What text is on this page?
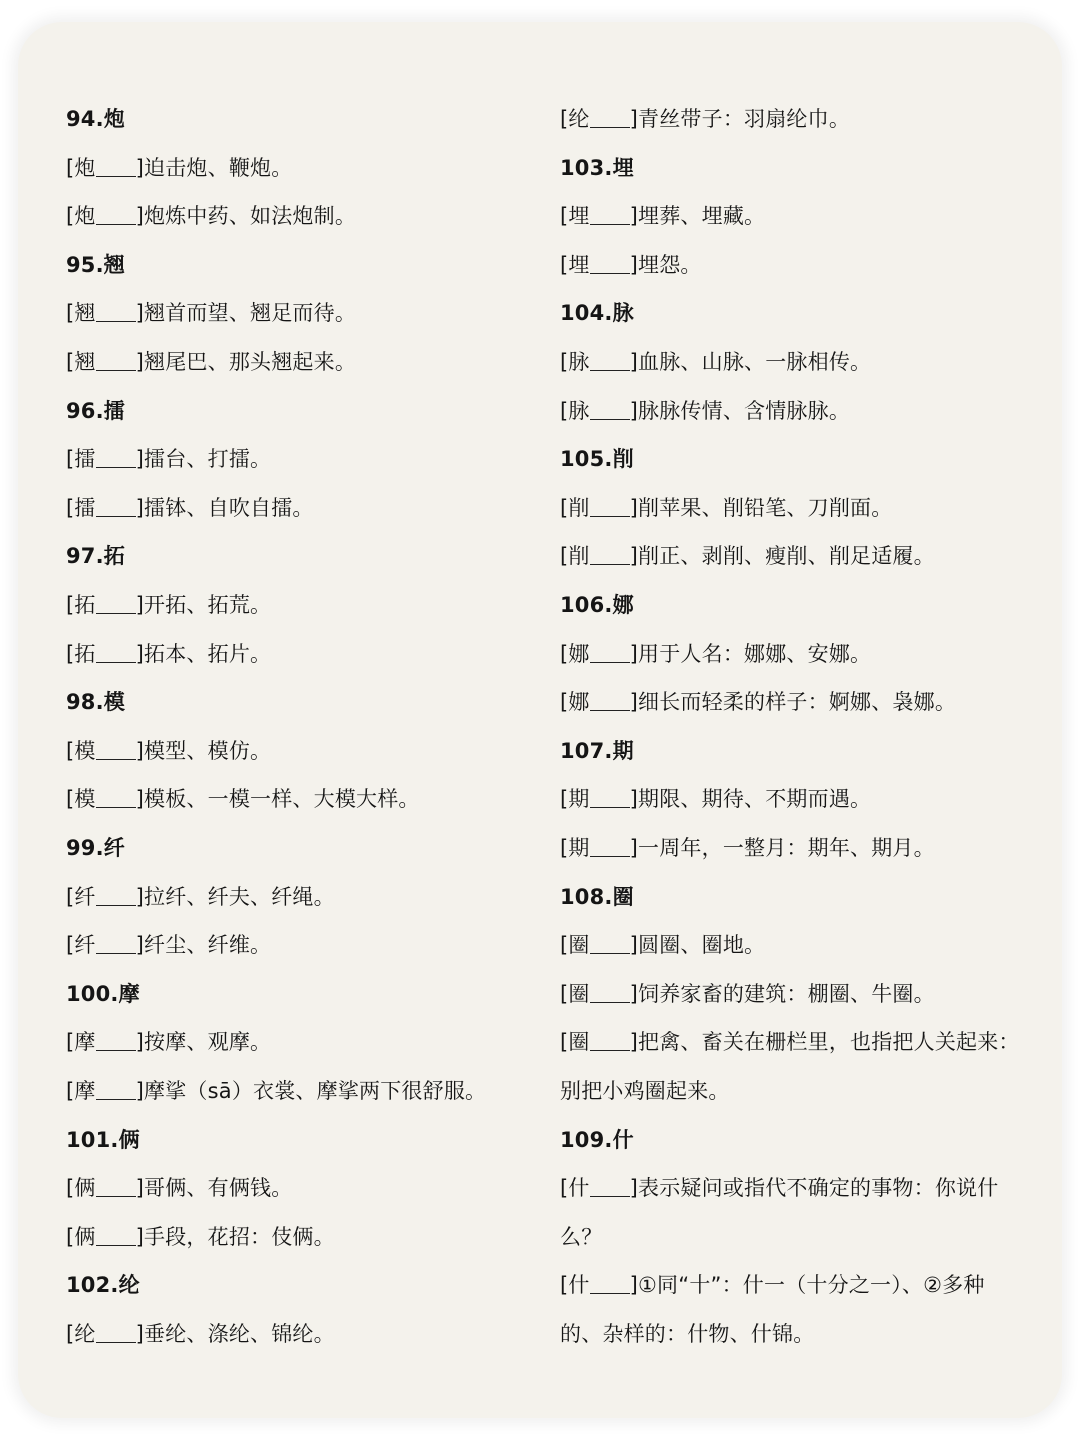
94.炮
[炮 ]迫击炮、鞭炮。
[炮 ]炮炼中药、如法炮制。
95.翘
[翘 ]翘首而望、翘足而待。
[翘 ]翘尾巴、那头翘起来。
96.擂
[擂 ]擂台、打擂。
[擂 ]擂钵、自吹自擂。
97.拓
[拓 ]开拓、拓荒。
[拓 ]拓本、拓片。
98.模
[模 ]模型、模仿。
[模 ]模板、一模一样、大模大样。
99.纤
[纤 ]拉纤、纤夫、纤绳。
[纤 ]纤尘、纤维。
100.摩
[摩 ]按摩、观摩。
[摩 ]摩挲（sā）衣裳、摩挲两下很舒服。
101.俩
[俩 ]哥俩、有俩钱。
[俩 ]手段，花招：伎俩。
102.纶
[纶 ]垂纶、涤纶、锦纶。
[纶 ]青丝带子：羽扇纶巾。
103.埋
[埋 ]埋葬、埋藏。
[埋 ]埋怨。
104.脉
[脉 ]血脉、山脉、一脉相传。
[脉 ]脉脉传情、含情脉脉。
105.削
[削 ]削苹果、削铅笔、刀削面。
[削 ]削正、剥削、瘦削、削足适履。
106.娜
[娜 ]用于人名：娜娜、安娜。
[娜 ]细长而轻柔的样子：婀娜、袅娜。
107.期
[期 ]期限、期待、不期而遇。
[期 ]一周年，一整月：期年、期月。
108.圈
[圈 ]圆圈、圈地。
[圈 ]饲养家畜的建筑：棚圈、牛圈。
[圈 ]把禽、畜关在栅栏里，也指把人关起来：
别把小鸡圈起来。
109.什
[什 ]表示疑问或指代不确定的事物：你说什
么？
[什 ]①同“十”：什一（十分之一）、②多种
的、杂样的：什物、什锦。
